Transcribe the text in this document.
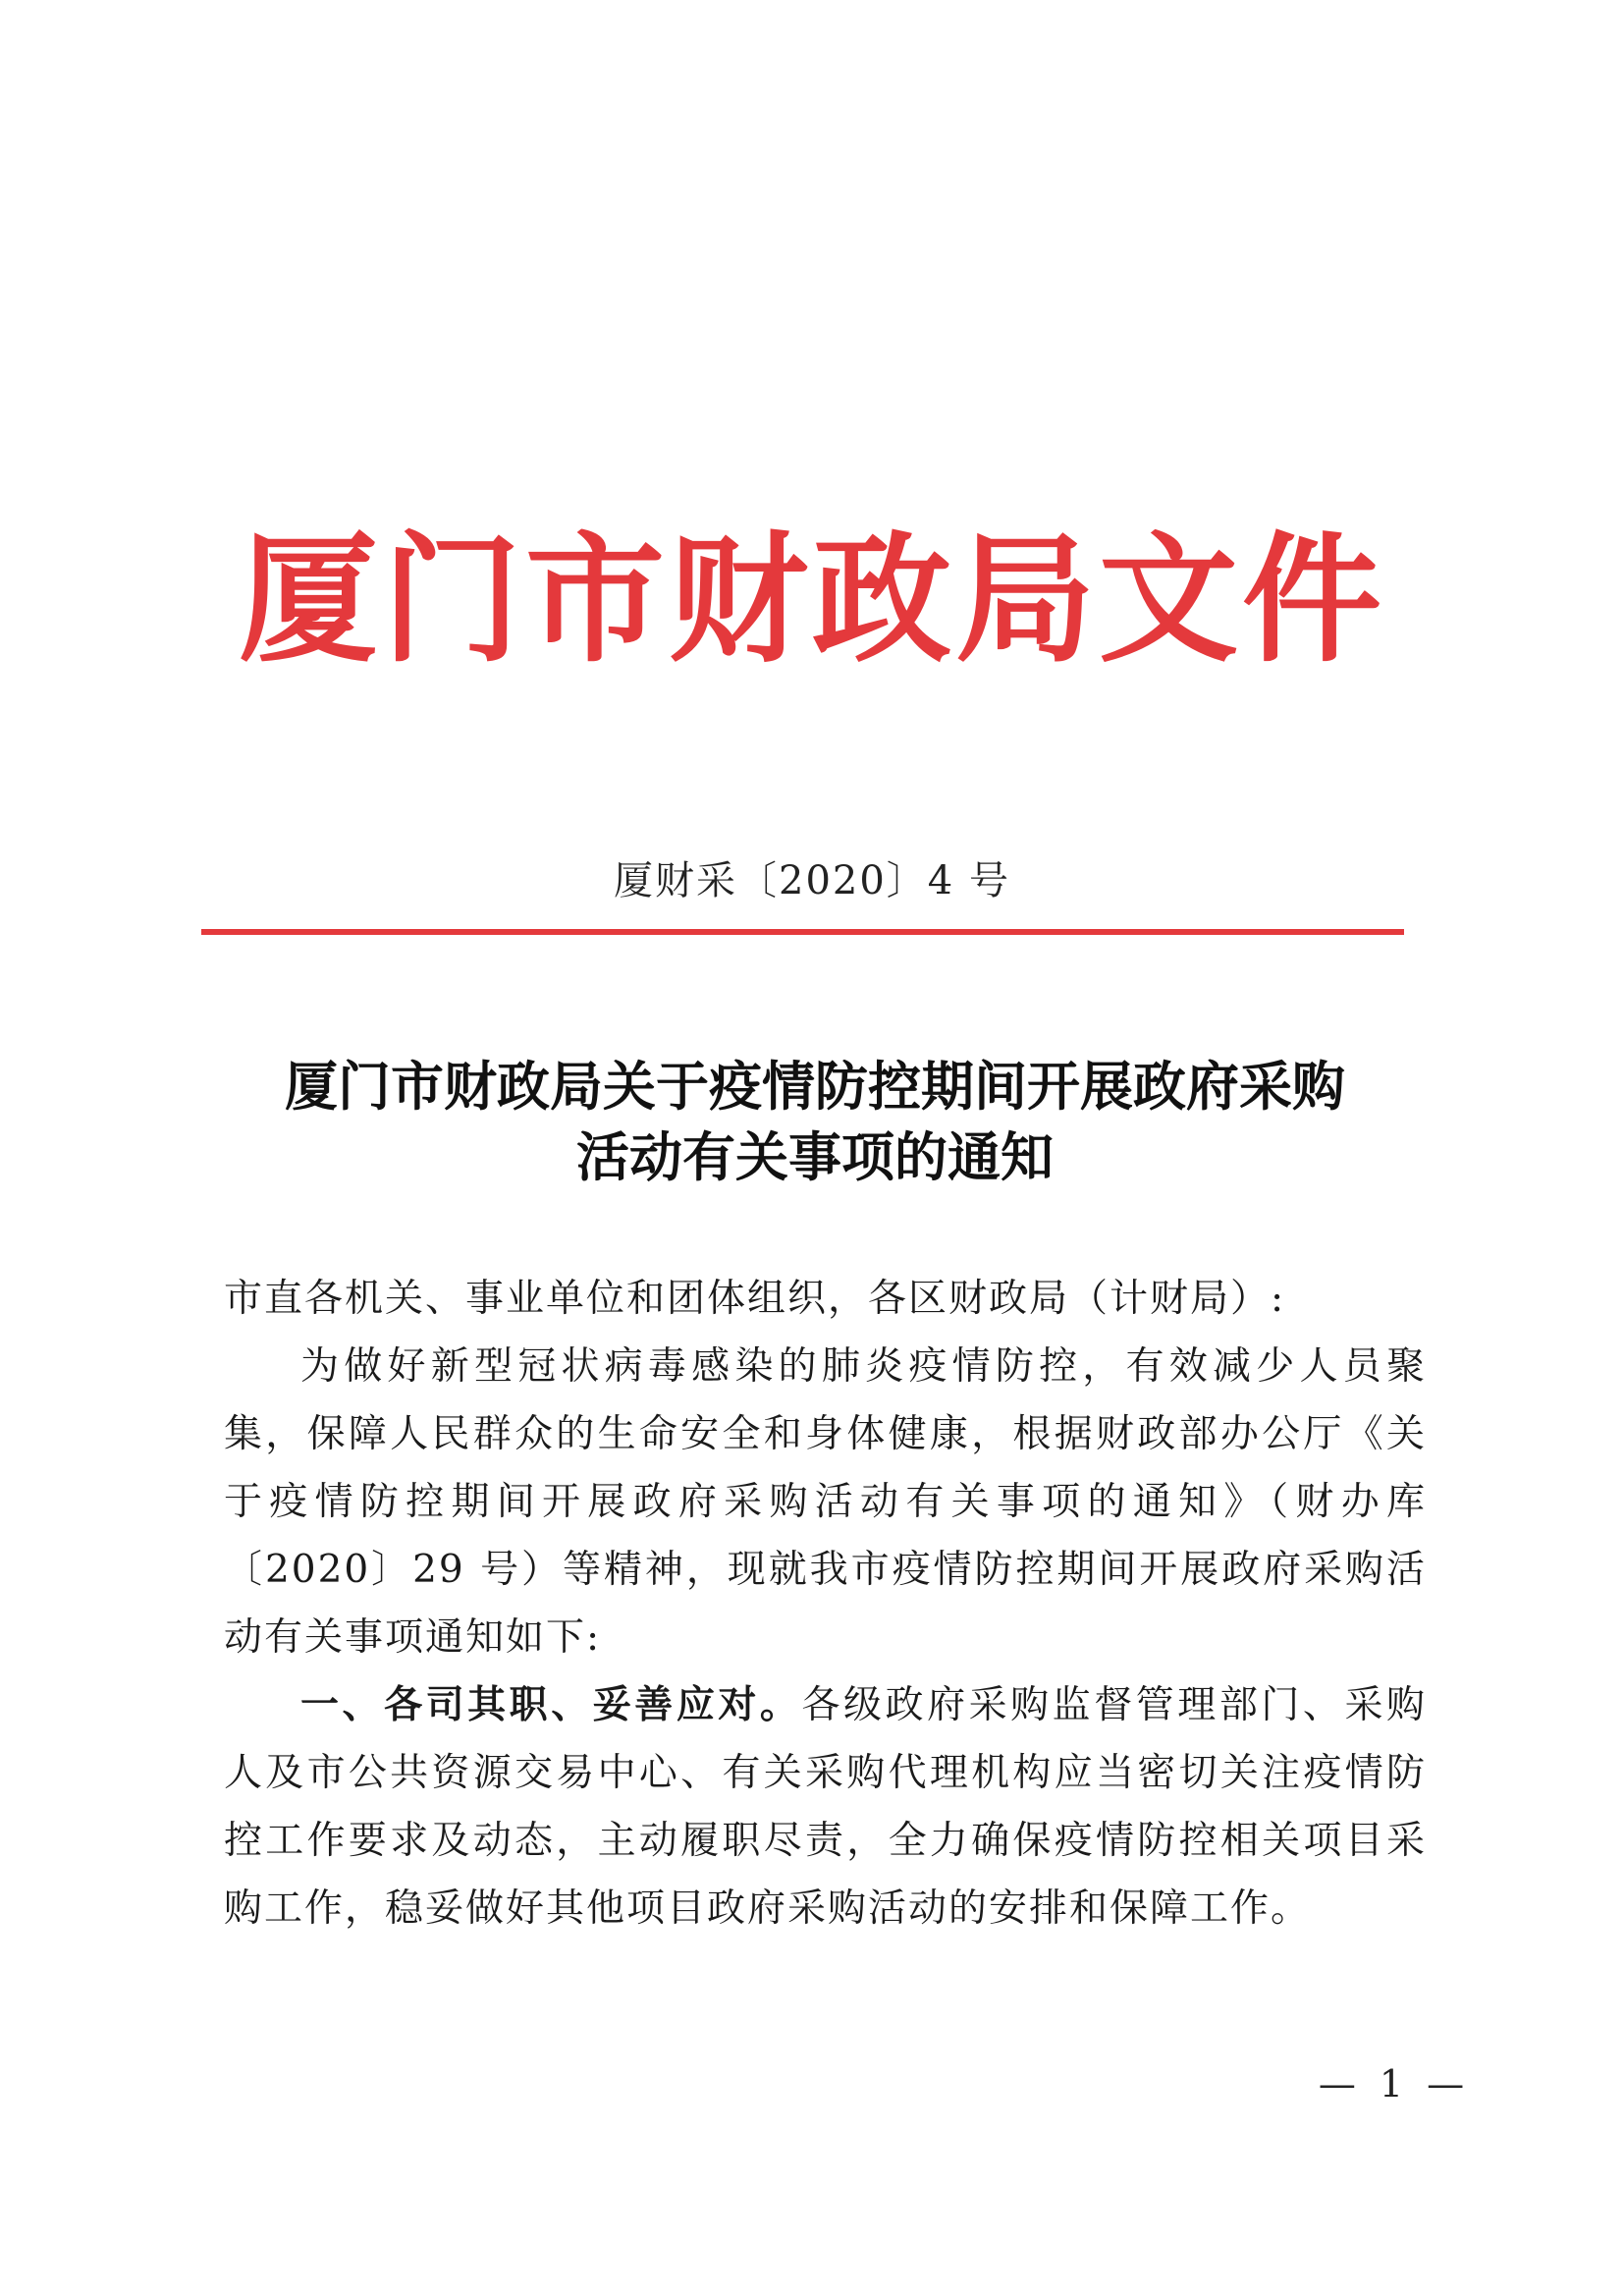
厦门市财政局文件
厦财采〔2020〕4 号
厦门市财政局关于疫情防控期间开展政府采购
活动有关事项的通知

市直各机关、事业单位和团体组织，各区财政局（计财局）:

为做好新型冠状病毒感染的肺炎疫情防控，有效减少人员聚集，保障人民群众的生命安全和身体健康，根据财政部办公厅《关于疫情防控期间开展政府采购活动有关事项的通知》（财办库〔2020〕29 号）等精神，现就我市疫情防控期间开展政府采购活动有关事项通知如下:

一、各司其职、妥善应对。各级政府采购监督管理部门、采购人及市公共资源交易中心、有关采购代理机构应当密切关注疫情防控工作要求及动态，主动履职尽责，全力确保疫情防控相关项目采购工作，稳妥做好其他项目政府采购活动的安排和保障工作。

— 1 —
